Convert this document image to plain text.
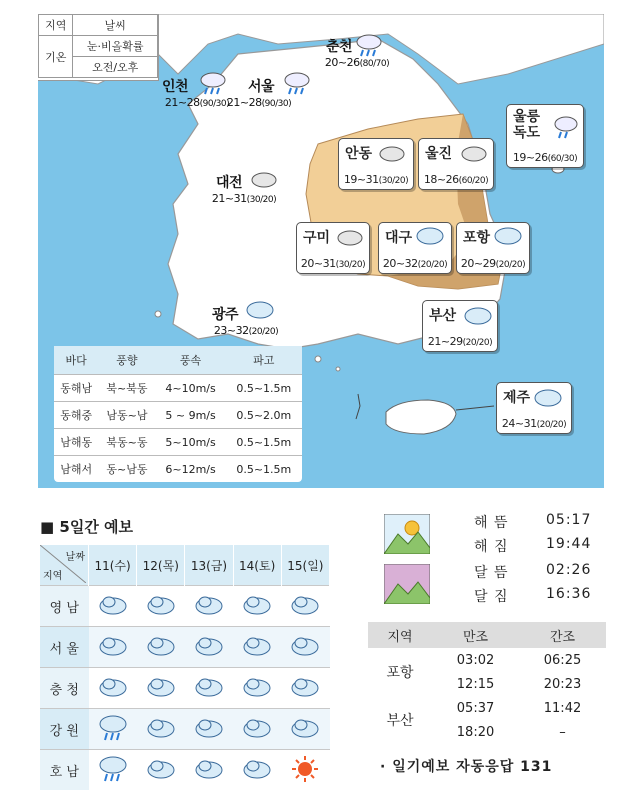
지역	날씨
기온	눈·비올확률
	오전/오후
인천
21~28(90/30)
서울
21~28(90/30)
춘천
20~26(80/70)
대전
21~31(30/20)
광주
23~32(20/20)
울릉 독도
19~26(60/30)
안동
19~31(30/20)
울진
18~26(60/20)
구미
20~31(30/20)
대구
20~32(20/20)
포항
20~29(20/20)
부산
21~29(20/20)
제주
24~31(20/20)
바다	풍향	풍속	파고
동해남	북~북동	4~10m/s	0.5~1.5m
동해중	남동~남	5 ~ 9m/s	0.5~2.0m
남해동	북동~동	5~10m/s	0.5~1.5m
남해서	동~남동	6~12m/s	0.5~1.5m
■ 5일간 예보
날짜
지역	11(수)	12(목)	13(금)	14(토)	15(일)
영 남					
서 울					
충 청					
강 원					
호 남					
해 뜸	05:17
해 짐	19:44
달 뜸	02:26
달 짐	16:36
지역	만조	간조
포항	03:02	06:25
	12:15	20:23
부산	05:37	11:42
	18:20	–
· 일기예보 자동응답 131
